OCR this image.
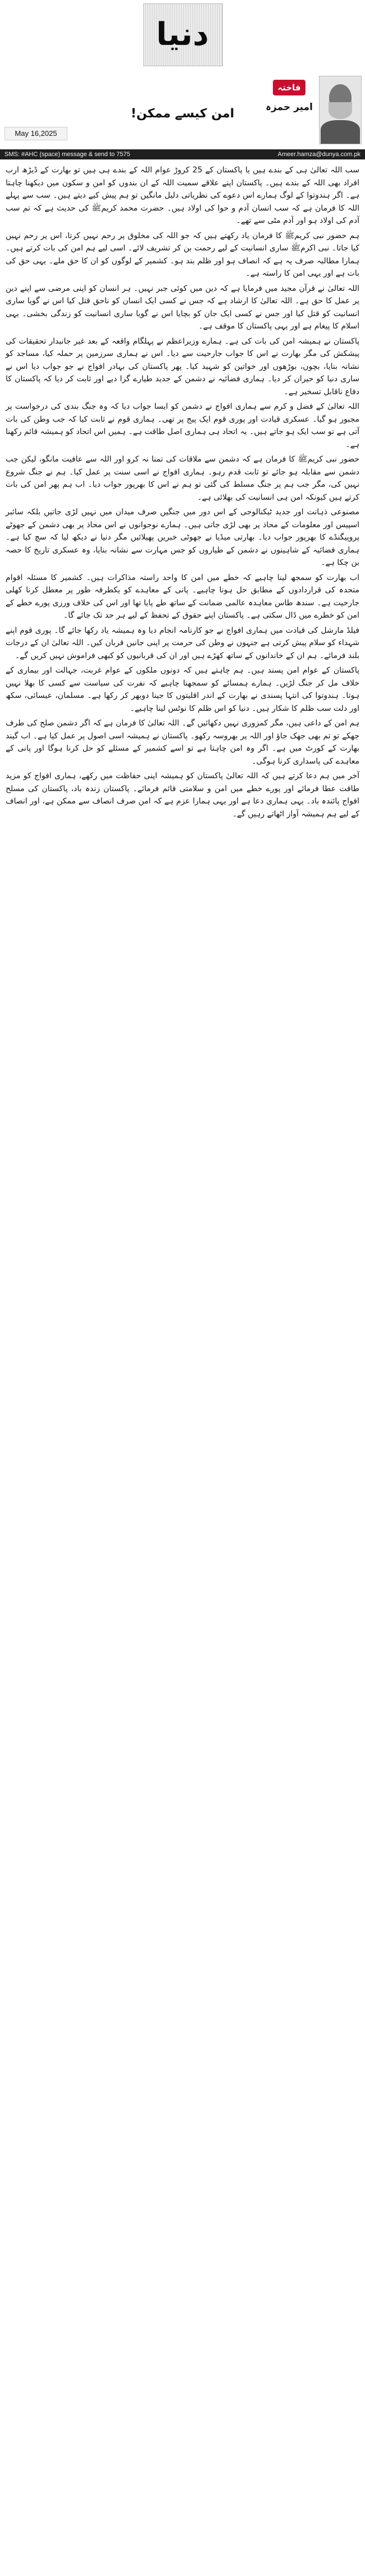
دنیا
فاختہ
امیر حمزہ
امن کیسے ممکن!
May 16,2025
SMS: #AHC (space) message & send to 7575	Ameer.hamza@dunya.com.pk

سب اللہ تعالیٰ ہی کے بندے ہیں یا پاکستان کے 25 کروڑ عوام اللہ کے بندے ہی ہیں تو بھارت کے ڈیڑھ ارب افراد بھی اللہ کے بندے ہیں۔ پاکستان اپنے علاقے سمیت اللہ کے ان بندوں کو امن و سکون میں دیکھنا چاہتا ہے۔ اگر ہندوتوا کے لوگ ہمارے اس دعوے کی نظریاتی دلیل مانگیں تو ہم پیش کیے دیتے ہیں۔ سب سے پہلے اللہ کا فرمان ہے کہ سب انسان آدم و حوا کی اولاد ہیں۔ حضرت محمد کریمﷺ کی حدیث ہے کہ تم سب آدم کی اولاد ہو اور آدم مٹی سے تھے۔

ہم حضور نبی کریمﷺ کا فرمان یاد رکھتے ہیں کہ جو اللہ کی مخلوق پر رحم نہیں کرتا، اس پر رحم نہیں کیا جاتا۔ نبی اکرمﷺ ساری انسانیت کے لیے رحمت بن کر تشریف لائے۔ اسی لیے ہم امن کی بات کرتے ہیں۔ ہمارا مطالبہ صرف یہ ہے کہ انصاف ہو اور ظلم بند ہو۔ کشمیر کے لوگوں کو ان کا حق ملے۔ یہی حق کی بات ہے اور یہی امن کا راستہ ہے۔

اللہ تعالیٰ نے قرآن مجید میں فرمایا ہے کہ دین میں کوئی جبر نہیں۔ ہر انسان کو اپنی مرضی سے اپنے دین پر عمل کا حق ہے۔ اللہ تعالیٰ کا ارشاد ہے کہ جس نے کسی ایک انسان کو ناحق قتل کیا اس نے گویا ساری انسانیت کو قتل کیا اور جس نے کسی ایک جان کو بچایا اس نے گویا ساری انسانیت کو زندگی بخشی۔ یہی اسلام کا پیغام ہے اور یہی پاکستان کا موقف ہے۔

پاکستان نے ہمیشہ امن کی بات کی ہے۔ ہمارے وزیراعظم نے پہلگام واقعہ کے بعد غیر جانبدار تحقیقات کی پیشکش کی مگر بھارت نے اس کا جواب جارحیت سے دیا۔ اس نے ہماری سرزمین پر حملہ کیا، مساجد کو نشانہ بنایا، بچوں، بوڑھوں اور خواتین کو شہید کیا۔ پھر پاکستان کی بہادر افواج نے جو جواب دیا اس نے ساری دنیا کو حیران کر دیا۔ ہماری فضائیہ نے دشمن کے جدید طیارے گرا دیے اور ثابت کر دیا کہ پاکستان کا دفاع ناقابل تسخیر ہے۔

اللہ تعالیٰ کے فضل و کرم سے ہماری افواج نے دشمن کو ایسا جواب دیا کہ وہ جنگ بندی کی درخواست پر مجبور ہو گیا۔ عسکری قیادت اور پوری قوم ایک پیج پر تھی۔ ہماری قوم نے ثابت کیا کہ جب وطن کی بات آتی ہے تو سب ایک ہو جاتے ہیں۔ یہ اتحاد ہی ہماری اصل طاقت ہے۔ ہمیں اس اتحاد کو ہمیشہ قائم رکھنا ہے۔

حضور نبی کریمﷺ کا فرمان ہے کہ دشمن سے ملاقات کی تمنا نہ کرو اور اللہ سے عافیت مانگو، لیکن جب دشمن سے مقابلہ ہو جائے تو ثابت قدم رہو۔ ہماری افواج نے اسی سنت پر عمل کیا۔ ہم نے جنگ شروع نہیں کی، مگر جب ہم پر جنگ مسلط کی گئی تو ہم نے اس کا بھرپور جواب دیا۔ اب ہم پھر امن کی بات کرتے ہیں کیونکہ امن ہی انسانیت کی بھلائی ہے۔

مصنوعی ذہانت اور جدید ٹیکنالوجی کے اس دور میں جنگیں صرف میدان میں نہیں لڑی جاتیں بلکہ سائبر اسپیس اور معلومات کے محاذ پر بھی لڑی جاتی ہیں۔ ہمارے نوجوانوں نے اس محاذ پر بھی دشمن کے جھوٹے پروپیگنڈے کا بھرپور جواب دیا۔ بھارتی میڈیا نے جھوٹی خبریں پھیلائیں مگر دنیا نے دیکھ لیا کہ سچ کیا ہے۔ ہماری فضائیہ کے شاہینوں نے دشمن کے طیاروں کو جس مہارت سے نشانہ بنایا، وہ عسکری تاریخ کا حصہ بن چکا ہے۔

اب بھارت کو سمجھ لینا چاہیے کہ خطے میں امن کا واحد راستہ مذاکرات ہیں۔ کشمیر کا مسئلہ اقوام متحدہ کی قراردادوں کے مطابق حل ہونا چاہیے۔ پانی کے معاہدے کو یکطرفہ طور پر معطل کرنا کھلی جارحیت ہے۔ سندھ طاس معاہدہ عالمی ضمانت کے ساتھ طے پایا تھا اور اس کی خلاف ورزی پورے خطے کے امن کو خطرے میں ڈال سکتی ہے۔ پاکستان اپنے حقوق کے تحفظ کے لیے ہر حد تک جائے گا۔

فیلڈ مارشل کی قیادت میں ہماری افواج نے جو کارنامہ انجام دیا وہ ہمیشہ یاد رکھا جائے گا۔ پوری قوم اپنے شہداء کو سلام پیش کرتی ہے جنہوں نے وطن کی حرمت پر اپنی جانیں قربان کیں۔ اللہ تعالیٰ ان کے درجات بلند فرمائے۔ ہم ان کے خاندانوں کے ساتھ کھڑے ہیں اور ان کی قربانیوں کو کبھی فراموش نہیں کریں گے۔

پاکستان کے عوام امن پسند ہیں۔ ہم چاہتے ہیں کہ دونوں ملکوں کے عوام غربت، جہالت اور بیماری کے خلاف مل کر جنگ لڑیں۔ ہمارے ہمسائے کو سمجھنا چاہیے کہ نفرت کی سیاست سے کسی کا بھلا نہیں ہوتا۔ ہندوتوا کی انتہا پسندی نے بھارت کے اندر اقلیتوں کا جینا دوبھر کر رکھا ہے۔ مسلمان، عیسائی، سکھ اور دلت سب ظلم کا شکار ہیں۔ دنیا کو اس ظلم کا نوٹس لینا چاہیے۔

ہم امن کے داعی ہیں، مگر کمزوری نہیں دکھائیں گے۔ اللہ تعالیٰ کا فرمان ہے کہ اگر دشمن صلح کی طرف جھکے تو تم بھی جھک جاؤ اور اللہ پر بھروسہ رکھو۔ پاکستان نے ہمیشہ اسی اصول پر عمل کیا ہے۔ اب گیند بھارت کے کورٹ میں ہے۔ اگر وہ امن چاہتا ہے تو اسے کشمیر کے مسئلے کو حل کرنا ہوگا اور پانی کے معاہدے کی پاسداری کرنا ہوگی۔

آخر میں ہم دعا کرتے ہیں کہ اللہ تعالیٰ پاکستان کو ہمیشہ اپنی حفاظت میں رکھے، ہماری افواج کو مزید طاقت عطا فرمائے اور پورے خطے میں امن و سلامتی قائم فرمائے۔ پاکستان زندہ باد، پاکستان کی مسلح افواج پائندہ باد۔ یہی ہماری دعا ہے اور یہی ہمارا عزم ہے کہ امن صرف انصاف سے ممکن ہے، اور انصاف کے لیے ہم ہمیشہ آواز اٹھاتے رہیں گے۔
